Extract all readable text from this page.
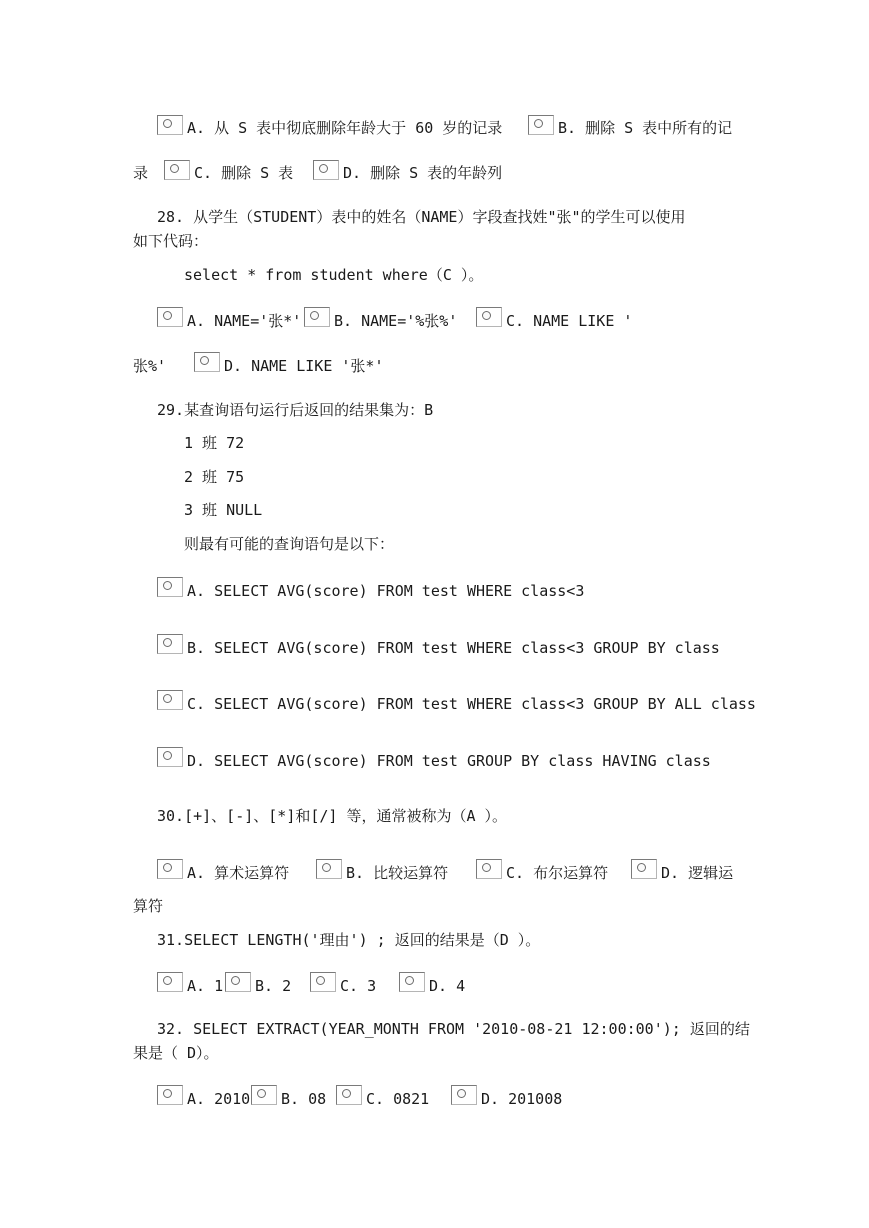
A. 从 S 表中彻底删除年龄大于 60 岁的记录	B. 删除 S 表中所有的记
录	C. 删除 S 表	D. 删除 S 表的年龄列
28. 从学生（STUDENT）表中的姓名（NAME）字段查找姓"张"的学生可以使用
如下代码：
select * from student where（C ）。
A. NAME='张*' B. NAME='%张%'	C. NAME LIKE '
张%'	D. NAME LIKE '张*'
29.某查询语句运行后返回的结果集为：B
1 班 72
2 班 75
3 班 NULL
则最有可能的查询语句是以下：
A. SELECT AVG(score) FROM test WHERE class<3
B. SELECT AVG(score) FROM test WHERE class<3 GROUP BY class
C. SELECT AVG(score) FROM test WHERE class<3 GROUP BY ALL class
D. SELECT AVG(score) FROM test GROUP BY class HAVING class
30.[+]、[-]、[*]和[/] 等，通常被称为（A ）。
A. 算术运算符	B. 比较运算符	C. 布尔运算符	D. 逻辑运
算符
31.SELECT LENGTH('理由') ; 返回的结果是（D ）。
A. 1 B. 2	C. 3	D. 4
32. SELECT EXTRACT(YEAR_MONTH FROM '2010-08-21 12:00:00'); 返回的结
果是（ D）。
A. 2010 B. 08	C. 0821	D. 201008
